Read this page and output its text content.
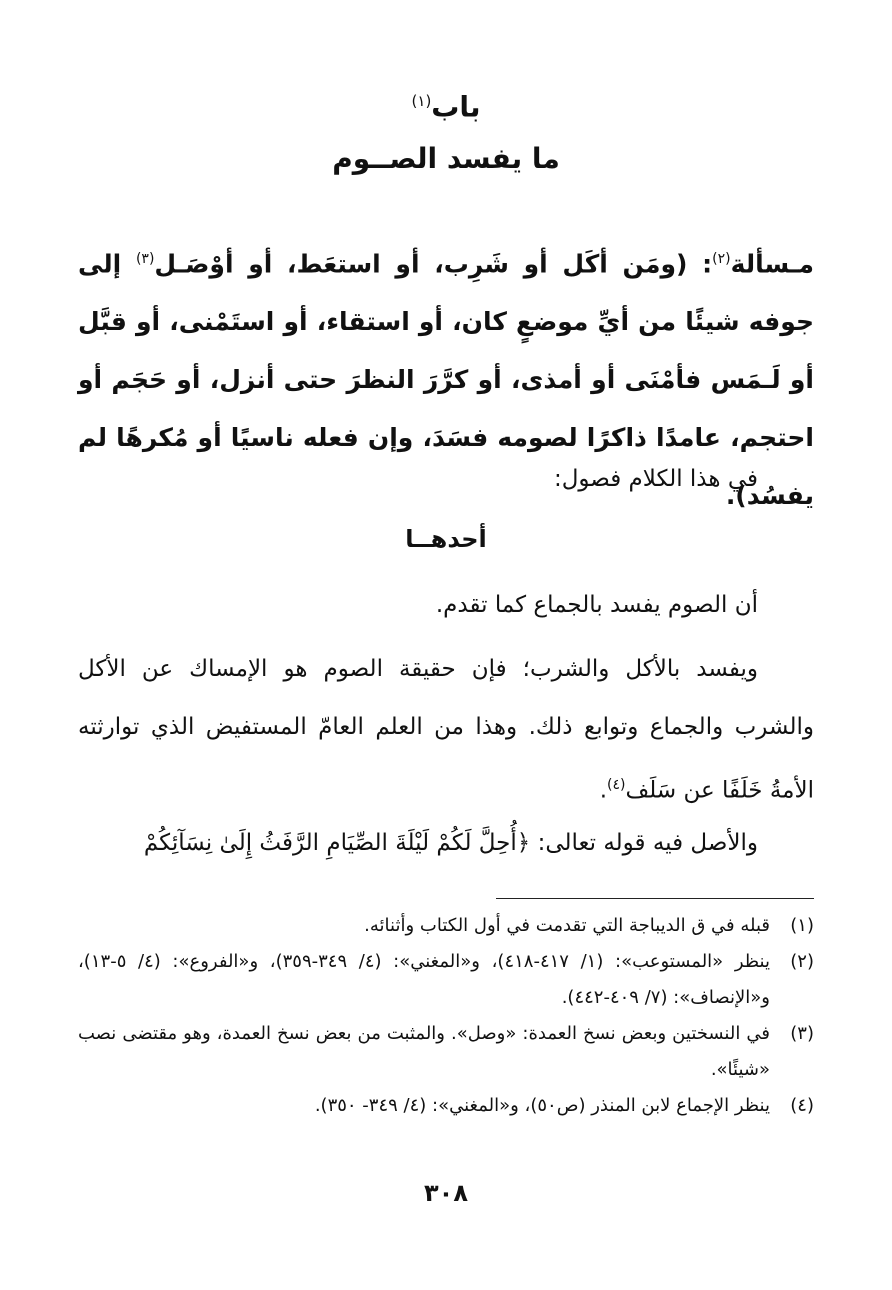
باب$^{(١)}$
ما يفسد الصــوم
مـسألة$^{(٢)}$: (ومَن أكَل أو شَرِب، أو استعَط، أو أوْصَـل$^{(٣)}$ إلى جوفه شيئًا من أيِّ موضعٍ كان، أو استقاء، أو استَمْنى، أو قبَّل أو لَـمَس فأمْنَى أو أمذى، أو كرَّرَ النظرَ حتى أنزل، أو حَجَم أو احتجم، عامدًا ذاكرًا لصومه فسَدَ، وإن فعله ناسيًا أو مُكرهًا لم يفسُد).
في هذا الكلام فصول:
أحدهــا
أن الصوم يفسد بالجماع كما تقدم.
ويفسد بالأكل والشرب؛ فإن حقيقة الصوم هو الإمساك عن الأكل والشرب والجماع وتوابع ذلك. وهذا من العلم العامّ المستفيض الذي توارثته الأمةُ خَلَفًا عن سَلَف$^{(٤)}$.
والأصل فيه قوله تعالى: ﴿أُحِلَّ لَكُمْ لَيْلَةَ الصِّيَامِ الرَّفَثُ إِلَىٰ نِسَآئِكُمْ
(١)
قبله في ق الديباجة التي تقدمت في أول الكتاب وأثنائه.
(٢)
ينظر «المستوعب»: (١/ ٤١٧-٤١٨)، و«المغني»: (٤/ ٣٤٩-٣٥٩)، و«الفروع»: (٤/ ٥-١٣)، و«الإنصاف»: (٧/ ٤٠٩-٤٤٢).
(٣)
في النسختين وبعض نسخ العمدة: «وصل». والمثبت من بعض نسخ العمدة، وهو مقتضى نصب «شيئًا».
(٤)
ينظر الإجماع لابن المنذر (ص٥٠)، و«المغني»: (٤/ ٣٤٩- ٣٥٠).
٣٠٨
